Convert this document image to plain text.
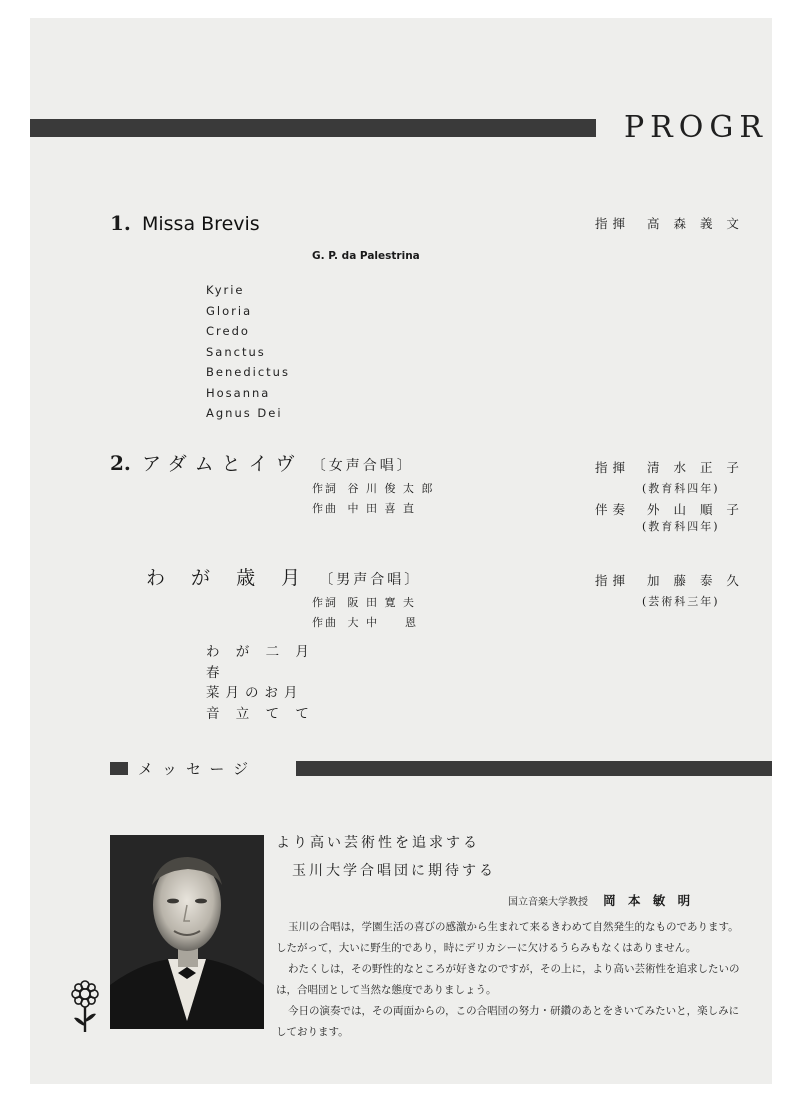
PROGR
1. Missa Brevis	指揮 高 森 義 文
G. P. da Palestrina
Kyrie
Gloria
Credo
Sanctus
Benedictus
Hosanna
Agnus Dei
2. アダムとイヴ 〔女声合唱〕
作詞 谷 川 俊 太 郎
作曲 中 田 喜 直
指揮 清 水 正 子
(教育科四年)
伴奏 外 山 順 子
(教育科四年)
わ が 歳 月 〔男声合唱〕
作詞 阪 田 寛 夫
作曲 大 中　　恩
指揮 加 藤 泰 久
(芸術科三年)
わ が 二 月
春
菜月のお月
音 立 て て
メッセージ
より高い芸術性を追求する
玉川大学合唱団に期待する
国立音楽大学教授 岡 本 敏 明
玉川の合唱は，学園生活の喜びの感激から生まれて来るきわめて自然発生的なものであります。
したがって，大いに野生的であり，時にデリカシーに欠けるうらみもなくはありません。
わたくしは，その野性的なところが好きなのですが，その上に，より高い芸術性を追求したいの
は，合唱団として当然な態度でありましょう。
今日の演奏では，その両面からの，この合唱団の努力・研鑽のあとをきいてみたいと，楽しみに
しております。
